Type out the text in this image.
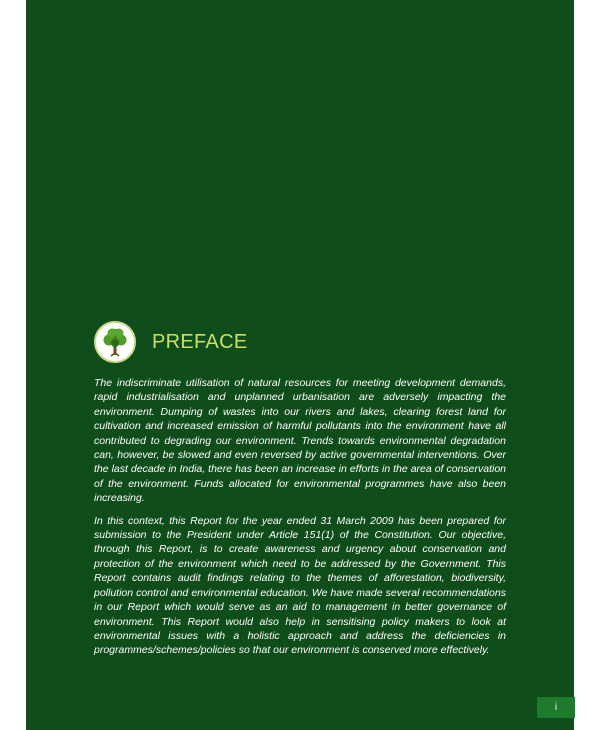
PREFACE

The indiscriminate utilisation of natural resources for meeting development demands, rapid industrialisation and unplanned urbanisation are adversely impacting the environment. Dumping of wastes into our rivers and lakes, clearing forest land for cultivation and increased emission of harmful pollutants into the environment have all contributed to degrading our environment. Trends towards environmental degradation can, however, be slowed and even reversed by active governmental interventions. Over the last decade in India, there has been an increase in efforts in the area of conservation of the environment. Funds allocated for environmental programmes have also been increasing.

In this context, this Report for the year ended 31 March 2009 has been prepared for submission to the President under Article 151(1) of the Constitution. Our objective, through this Report, is to create awareness and urgency about conservation and protection of the environment which need to be addressed by the Government. This Report contains audit findings relating to the themes of afforestation, biodiversity, pollution control and environmental education. We have made several recommendations in our Report which would serve as an aid to management in better governance of environment. This Report would also help in sensitising policy makers to look at environmental issues with a holistic approach and address the deficiencies in programmes/schemes/policies so that our environment is conserved more effectively.

i
